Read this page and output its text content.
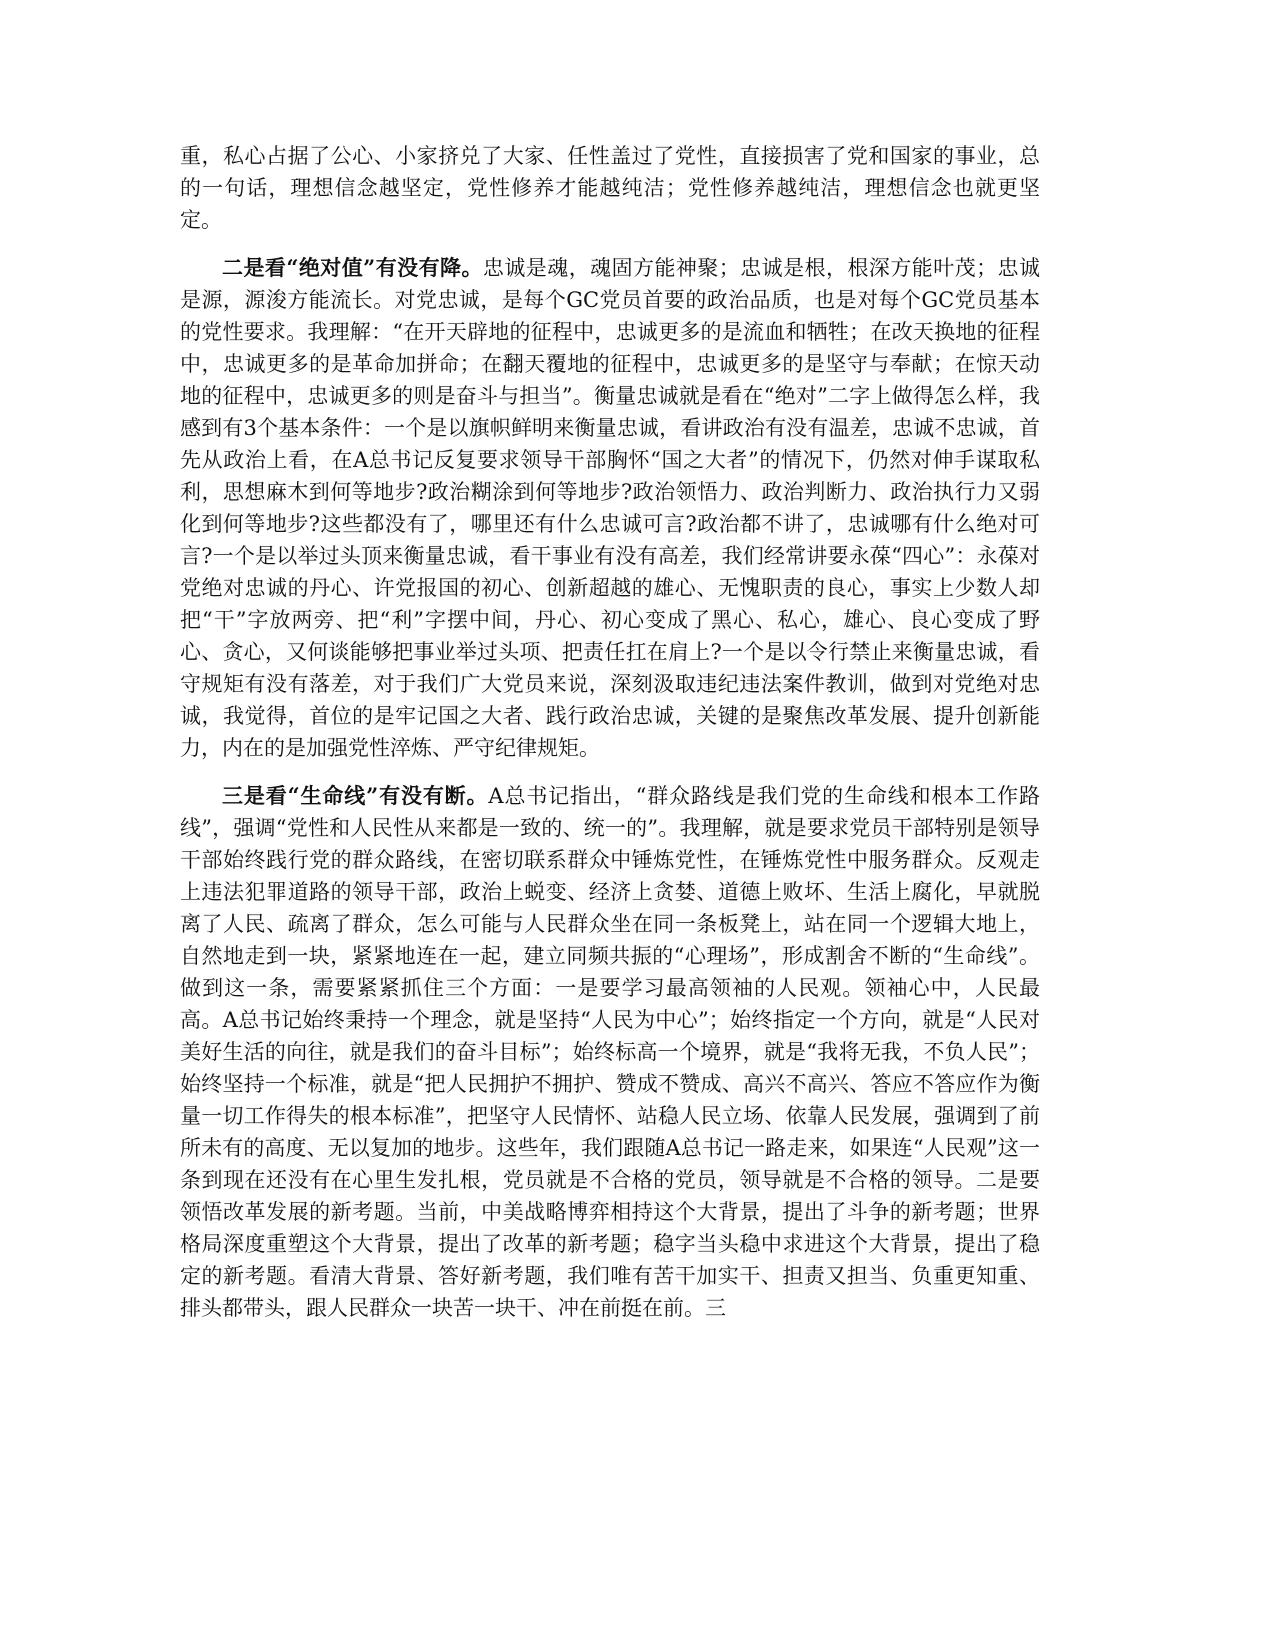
重，私心占据了公心、小家挤兑了大家、任性盖过了党性，直接损害了党和国家的事业，总的一句话，理想信念越坚定，党性修养才能越纯洁；党性修养越纯洁，理想信念也就更坚定。

二是看“绝对值”有没有降。忠诚是魂，魂固方能神聚；忠诚是根，根深方能叶茂；忠诚是源，源浚方能流长。对党忠诚，是每个GC党员首要的政治品质，也是对每个GC党员基本的党性要求。我理解：“在开天辟地的征程中，忠诚更多的是流血和牺牲；在改天换地的征程中，忠诚更多的是革命加拼命；在翻天覆地的征程中，忠诚更多的是坚守与奉献；在惊天动地的征程中，忠诚更多的则是奋斗与担当”。衡量忠诚就是看在“绝对”二字上做得怎么样，我感到有3个基本条件：一个是以旗帜鲜明来衡量忠诚，看讲政治有没有温差，忠诚不忠诚，首先从政治上看，在A总书记反复要求领导干部胸怀“国之大者”的情况下，仍然对伸手谋取私利，思想麻木到何等地步?政治糊涂到何等地步?政治领悟力、政治判断力、政治执行力又弱化到何等地步?这些都没有了，哪里还有什么忠诚可言?政治都不讲了，忠诚哪有什么绝对可言?一个是以举过头顶来衡量忠诚，看干事业有没有高差，我们经常讲要永葆“四心”：永葆对党绝对忠诚的丹心、许党报国的初心、创新超越的雄心、无愧职责的良心，事实上少数人却把“干”字放两旁、把“利”字摆中间，丹心、初心变成了黑心、私心，雄心、良心变成了野心、贪心，又何谈能够把事业举过头项、把责任扛在肩上?一个是以令行禁止来衡量忠诚，看守规矩有没有落差，对于我们广大党员来说，深刻汲取违纪违法案件教训，做到对党绝对忠诚，我觉得，首位的是牢记国之大者、践行政治忠诚，关键的是聚焦改革发展、提升创新能力，内在的是加强党性淬炼、严守纪律规矩。

三是看“生命线”有没有断。A总书记指出，“群众路线是我们党的生命线和根本工作路线”，强调“党性和人民性从来都是一致的、统一的”。我理解，就是要求党员干部特别是领导干部始终践行党的群众路线，在密切联系群众中锤炼党性，在锤炼党性中服务群众。反观走上违法犯罪道路的领导干部，政治上蜕变、经济上贪婪、道德上败坏、生活上腐化，早就脱离了人民、疏离了群众，怎么可能与人民群众坐在同一条板凳上，站在同一个逻辑大地上，自然地走到一块，紧紧地连在一起，建立同频共振的“心理场”，形成割舍不断的“生命线”。做到这一条，需要紧紧抓住三个方面：一是要学习最高领袖的人民观。领袖心中，人民最高。A总书记始终秉持一个理念，就是坚持“人民为中心”；始终指定一个方向，就是“人民对美好生活的向往，就是我们的奋斗目标”；始终标高一个境界，就是“我将无我，不负人民”；始终坚持一个标准，就是“把人民拥护不拥护、赞成不赞成、高兴不高兴、答应不答应作为衡量一切工作得失的根本标准”，把坚守人民情怀、站稳人民立场、依靠人民发展，强调到了前所未有的高度、无以复加的地步。这些年，我们跟随A总书记一路走来，如果连“人民观”这一条到现在还没有在心里生发扎根，党员就是不合格的党员，领导就是不合格的领导。二是要领悟改革发展的新考题。当前，中美战略博弈相持这个大背景，提出了斗争的新考题；世界格局深度重塑这个大背景，提出了改革的新考题；稳字当头稳中求进这个大背景，提出了稳定的新考题。看清大背景、答好新考题，我们唯有苦干加实干、担责又担当、负重更知重、排头都带头，跟人民群众一块苦一块干、冲在前挺在前。三
